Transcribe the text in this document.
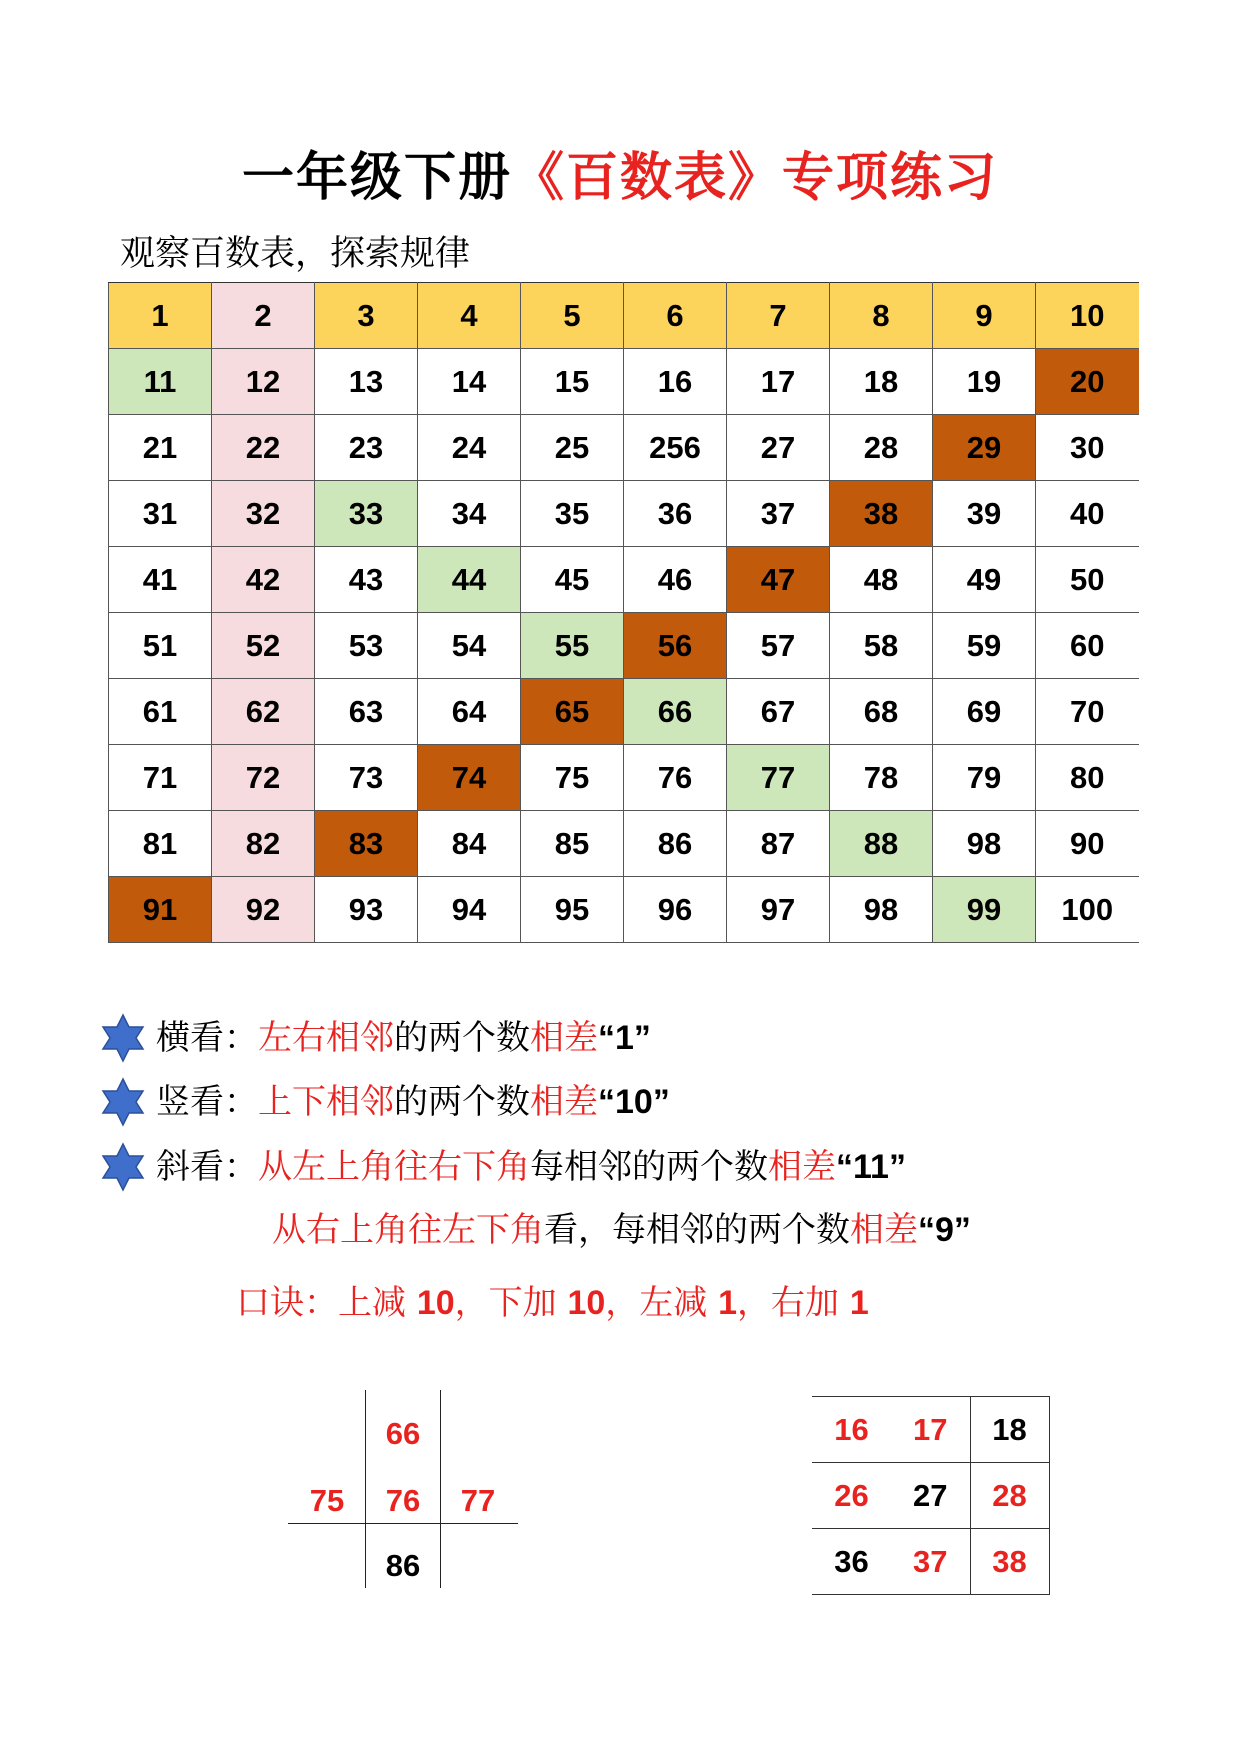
一年级下册《百数表》专项练习
观察百数表，探索规律
1	2	3	4	5	6	7	8	9	10
11	12	13	14	15	16	17	18	19	20
21	22	23	24	25	256	27	28	29	30
31	32	33	34	35	36	37	38	39	40
41	42	43	44	45	46	47	48	49	50
51	52	53	54	55	56	57	58	59	60
61	62	63	64	65	66	67	68	69	70
71	72	73	74	75	76	77	78	79	80
81	82	83	84	85	86	87	88	98	90
91	92	93	94	95	96	97	98	99	100
横看：左右相邻的两个数相差“1”
竖看：上下相邻的两个数相差“10”
斜看：从左上角往右下角每相邻的两个数相差“11”
从右上角往左下角看，每相邻的两个数相差“9”
口诀：上减 10，下加 10，左减 1，右加 1
66
75	76	77
86
16	17	18
26	27	28
36	37	38
